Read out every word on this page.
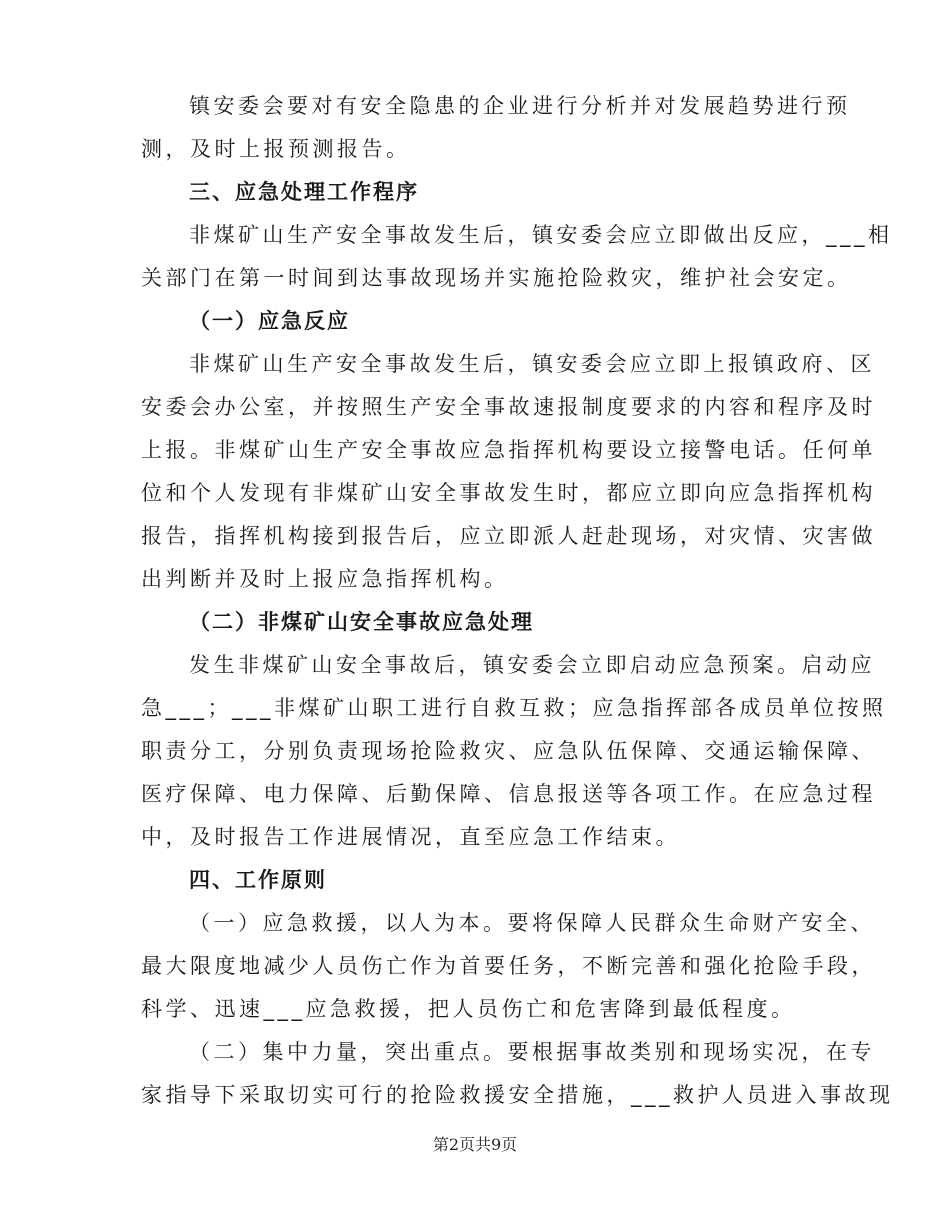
镇安委会要对有安全隐患的企业进行分析并对发展趋势进行预
测，及时上报预测报告。
三、应急处理工作程序
非煤矿山生产安全事故发生后，镇安委会应立即做出反应，___相
关部门在第一时间到达事故现场并实施抢险救灾，维护社会安定。
（一）应急反应
非煤矿山生产安全事故发生后，镇安委会应立即上报镇政府、区
安委会办公室，并按照生产安全事故速报制度要求的内容和程序及时
上报。非煤矿山生产安全事故应急指挥机构要设立接警电话。任何单
位和个人发现有非煤矿山安全事故发生时，都应立即向应急指挥机构
报告，指挥机构接到报告后，应立即派人赶赴现场，对灾情、灾害做
出判断并及时上报应急指挥机构。
（二）非煤矿山安全事故应急处理
发生非煤矿山安全事故后，镇安委会立即启动应急预案。启动应
急___；___非煤矿山职工进行自救互救；应急指挥部各成员单位按照
职责分工，分别负责现场抢险救灾、应急队伍保障、交通运输保障、
医疗保障、电力保障、后勤保障、信息报送等各项工作。在应急过程
中，及时报告工作进展情况，直至应急工作结束。
四、工作原则
（一）应急救援，以人为本。要将保障人民群众生命财产安全、
最大限度地减少人员伤亡作为首要任务，不断完善和强化抢险手段，
科学、迅速___应急救援，把人员伤亡和危害降到最低程度。
（二）集中力量，突出重点。要根据事故类别和现场实况，在专
家指导下采取切实可行的抢险救援安全措施，___救护人员进入事故现
第2页共9页
